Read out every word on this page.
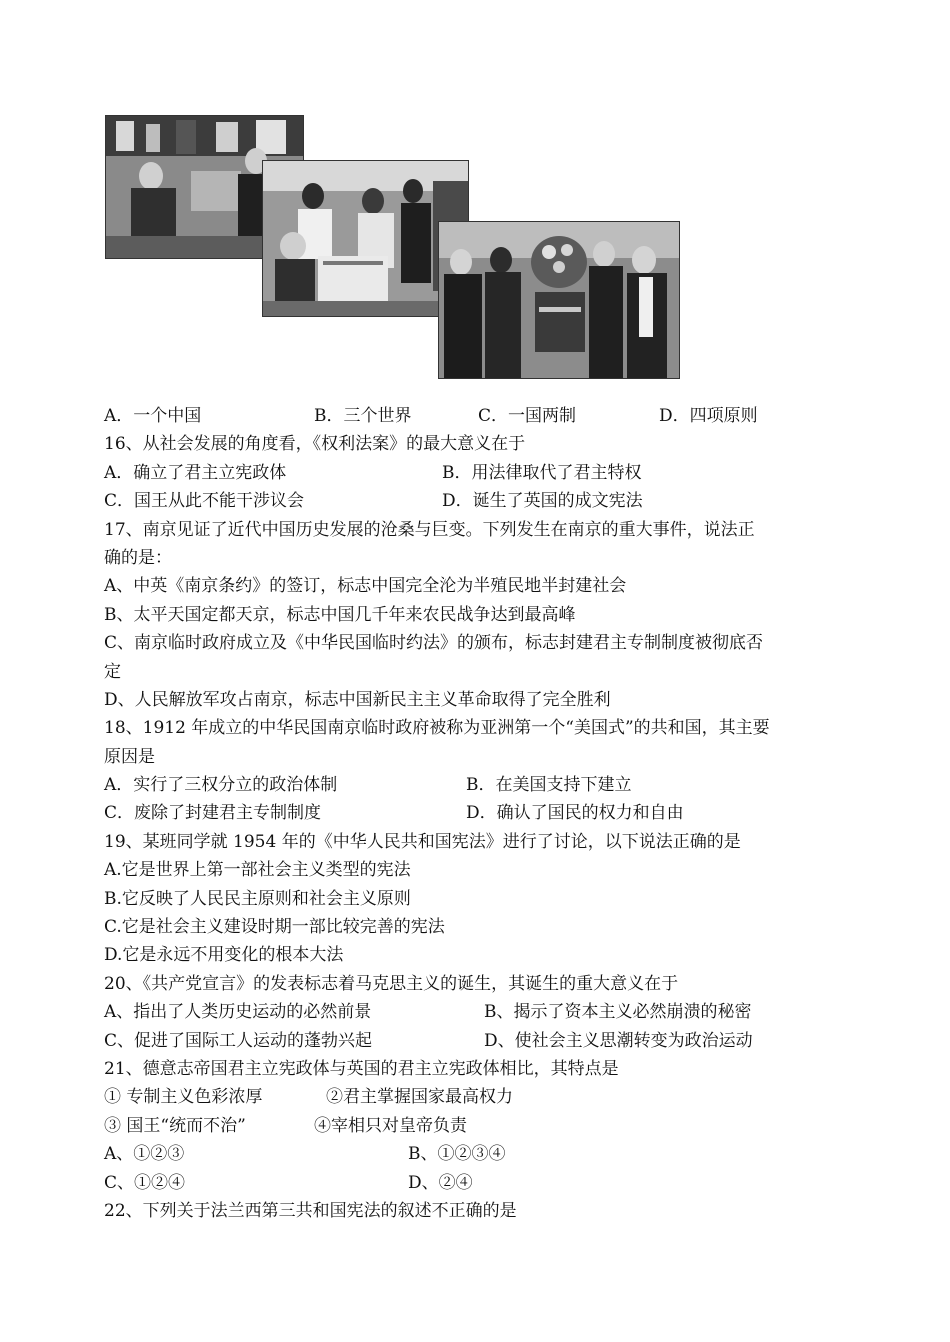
A．一个中国	B．三个世界	C．一国两制	D．四项原则
16、从社会发展的角度看，《权利法案》的最大意义在于
A．确立了君主立宪政体	B．用法律取代了君主特权
C．国王从此不能干涉议会	D．诞生了英国的成文宪法
17、南京见证了近代中国历史发展的沧桑与巨变。下列发生在南京的重大事件，说法正
确的是：
A、中英《南京条约》的签订，标志中国完全沦为半殖民地半封建社会
B、太平天国定都天京，标志中国几千年来农民战争达到最高峰
C、南京临时政府成立及《中华民国临时约法》的颁布，标志封建君主专制制度被彻底否
定
D、人民解放军攻占南京，标志中国新民主主义革命取得了完全胜利
18、1912 年成立的中华民国南京临时政府被称为亚洲第一个“美国式”的共和国，其主要
原因是
A．实行了三权分立的政治体制	B．在美国支持下建立
C．废除了封建君主专制制度	D．确认了国民的权力和自由
19、某班同学就 1954 年的《中华人民共和国宪法》进行了讨论，以下说法正确的是
A.它是世界上第一部社会主义类型的宪法
B.它反映了人民民主原则和社会主义原则
C.它是社会主义建设时期一部比较完善的宪法
D.它是永远不用变化的根本大法
20、《共产党宣言》的发表标志着马克思主义的诞生，其诞生的重大意义在于
A、指出了人类历史运动的必然前景	B、揭示了资本主义必然崩溃的秘密
C、促进了国际工人运动的蓬勃兴起	D、使社会主义思潮转变为政治运动
21、德意志帝国君主立宪政体与英国的君主立宪政体相比，其特点是
① 专制主义色彩浓厚	②君主掌握国家最高权力
③ 国王“统而不治”	④宰相只对皇帝负责
A、①②③	B、①②③④
C、①②④	D、②④
22、下列关于法兰西第三共和国宪法的叙述不正确的是
